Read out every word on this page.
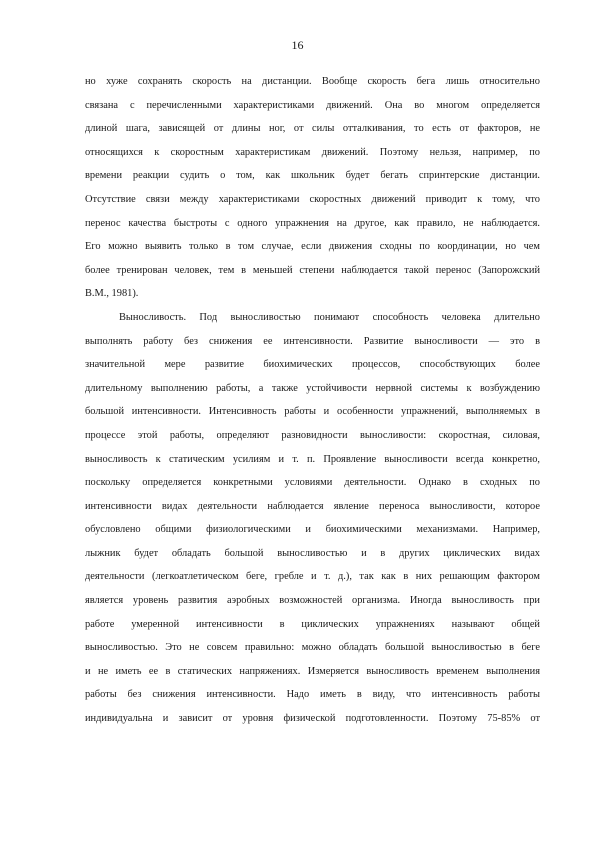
16
но хуже сохранять скорость на дистанции. Вообще скорость бега лишь относительно
связана с перечисленными характеристиками движений. Она во многом определяется
длиной шага, зависящей от длины ног, от силы отталкивания, то есть от факторов, не
относящихся к скоростным характеристикам движений. Поэтому нельзя, например, по
времени реакции судить о том, как школьник будет бегать спринтерские дистанции.
Отсутствие связи между характеристиками скоростных движений приводит к тому, что
перенос качества быстроты с одного упражнения на другое, как правило, не наблюдается.
Его можно выявить только в том случае, если движения сходны по координации, но чем
более тренирован человек, тем в меньшей степени наблюдается такой перенос (Запорожский
В.М., 1981).
Выносливость. Под выносливостью понимают способность человека длительно
выполнять работу без снижения ее интенсивности. Развитие выносливости — это в
значительной мере развитие биохимических процессов, способствующих более
длительному выполнению работы, а также устойчивости нервной системы к возбуждению
большой интенсивности. Интенсивность работы и особенности упражнений, выполняемых в
процессе этой работы, определяют разновидности выносливости: скоростная, силовая,
выносливость к статическим усилиям и т. п. Проявление выносливости всегда конкретно,
поскольку определяется конкретными условиями деятельности. Однако в сходных по
интенсивности видах деятельности наблюдается явление переноса выносливости, которое
обусловлено общими физиологическими и биохимическими механизмами. Например,
лыжник будет обладать большой выносливостью и в других циклических видах
деятельности (легкоатлетическом беге, гребле и т. д.), так как в них решающим фактором
является уровень развития аэробных возможностей организма. Иногда выносливость при
работе умеренной интенсивности в циклических упражнениях называют общей
выносливостью. Это не совсем правильно: можно обладать большой выносливостью в беге
и не иметь ее в статических напряжениях. Измеряется выносливость временем выполнения
работы без снижения интенсивности. Надо иметь в виду, что интенсивность работы
индивидуальна и зависит от уровня физической подготовленности. Поэтому 75-85% от
